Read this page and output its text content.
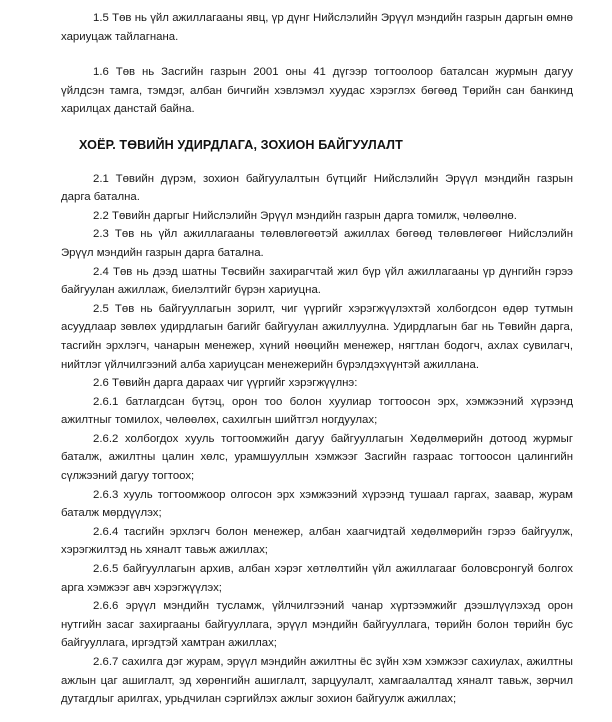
1.5 Төв нь үйл ажиллагааны явц, үр дүнг Нийслэлийн Эрүүл мэндийн газрын даргын өмнө хариуцаж тайлагнана.

1.6 Төв нь Засгийн газрын 2001 оны 41 дүгээр тогтоолоор баталсан журмын дагуу үйлдсэн тамга, тэмдэг, албан бичгийн хэвлэмэл хуудас хэрэглэх бөгөөд Төрийн сан банкинд харилцах данстай байна.

ХОЁР. ТӨВИЙН УДИРДЛАГА, ЗОХИОН БАЙГУУЛАЛТ

2.1 Төвийн дүрэм, зохион байгуулалтын бүтцийг Нийслэлийн Эрүүл мэндийн газрын дарга батална.

2.2 Төвийн даргыг Нийслэлийн Эрүүл мэндийн газрын дарга томилж, чөлөөлнө.

2.3 Төв нь үйл ажиллагааны төлөвлөгөөтэй ажиллах бөгөөд төлөвлөгөөг Нийслэлийн Эрүүл мэндийн газрын дарга батална.

2.4 Төв нь дээд шатны Төсвийн захирагчтай жил бүр үйл ажиллагааны үр дүнгийн гэрээ байгуулан ажиллаж, биелэлтийг бүрэн хариуцна.

2.5 Төв нь байгууллагын зорилт, чиг үүргийг хэрэгжүүлэхтэй холбогдсон өдөр тутмын асуудлаар зөвлөх удирдлагын багийг байгуулан ажиллуулна. Удирдлагын баг нь Төвийн дарга, тасгийн эрхлэгч, чанарын менежер, хүний нөөцийн менежер, нягтлан бодогч, ахлах сувилагч, нийтлэг үйлчилгээний алба хариуцсан менежерийн бүрэлдэхүүнтэй ажиллана.

2.6 Төвийн дарга дараах чиг үүргийг хэрэгжүүлнэ:

2.6.1 батлагдсан бүтэц, орон тоо болон хуулиар тогтоосон эрх, хэмжээний хүрээнд ажилтныг томилох, чөлөөлөх, сахилгын шийтгэл ногдуулах;

2.6.2 холбогдох хууль тогтоомжийн дагуу байгууллагын Хөдөлмөрийн дотоод журмыг баталж, ажилтны цалин хөлс, урамшууллын хэмжээг Засгийн газраас тогтоосон цалингийн сүлжээний дагуу тогтоох;

2.6.3 хууль тогтоомжоор олгосон эрх хэмжээний хүрээнд тушаал гаргах, заавар, журам баталж мөрдүүлэх;

2.6.4 тасгийн эрхлэгч болон менежер, албан хаагчидтай хөдөлмөрийн гэрээ байгуулж, хэрэгжилтэд нь хяналт тавьж ажиллах;

2.6.5 байгууллагын архив, албан хэрэг хөтлөлтийн үйл ажиллагааг боловсронгуй болгох арга хэмжээг авч хэрэгжүүлэх;

2.6.6 эрүүл мэндийн тусламж, үйлчилгээний чанар хүртээмжийг дээшлүүлэхэд орон нутгийн засаг захиргааны байгууллага, эрүүл мэндийн байгууллага, төрийн болон төрийн бус байгууллага, иргэдтэй хамтран ажиллах;

2.6.7 сахилга дэг журам, эрүүл мэндийн ажилтны ёс зүйн хэм хэмжээг сахиулах, ажилтны ажлын цаг ашиглалт, эд хөрөнгийн ашиглалт, зарцуулалт, хамгаалалтад хяналт тавьж, зөрчил дутагдлыг арилгах, урьдчилан сэргийлэх ажлыг зохион байгуулж ажиллах;
